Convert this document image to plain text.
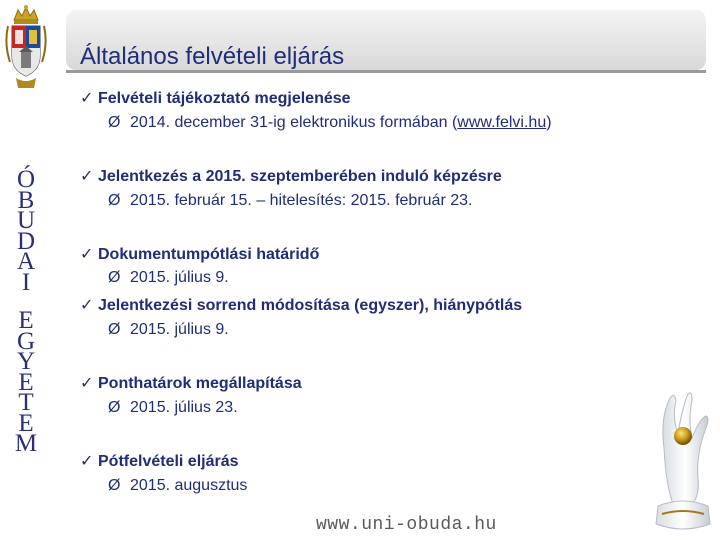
Ó
B
U
D
A
I
E
G
Y
E
T
E
M
Általános felvételi eljárás
✓ Felvételi tájékoztató megjelenése
Ø 2014. december 31-ig elektronikus formában (www.felvi.hu)
✓ Jelentkezés a 2015. szeptemberében induló képzésre
Ø 2015. február 15. – hitelesítés: 2015. február 23.
✓ Dokumentumpótlási határidő
Ø 2015. július 9.
✓ Jelentkezési sorrend módosítása (egyszer), hiánypótlás
Ø 2015. július 9.
✓ Ponthatárok megállapítása
Ø 2015. július 23.
✓ Pótfelvételi eljárás
Ø 2015. augusztus
www.uni-obuda.hu
